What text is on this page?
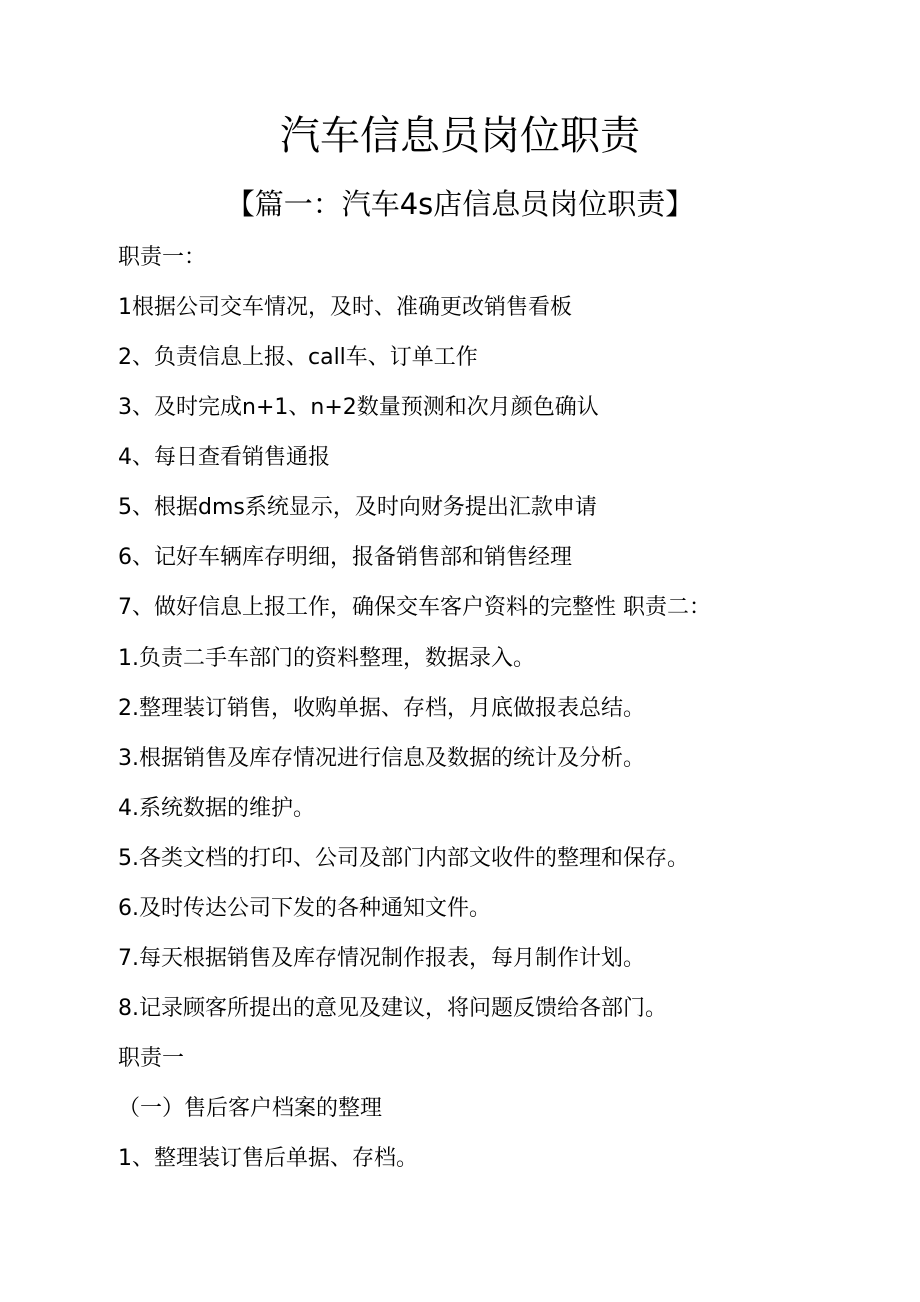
汽车信息员岗位职责
【篇一：汽车4s店信息员岗位职责】

职责一：

1根据公司交车情况，及时、准确更改销售看板

2、负责信息上报、call车、订单工作

3、及时完成n+1、n+2数量预测和次月颜色确认

4、每日查看销售通报

5、根据dms系统显示，及时向财务提出汇款申请

6、记好车辆库存明细，报备销售部和销售经理

7、做好信息上报工作，确保交车客户资料的完整性 职责二：

1.负责二手车部门的资料整理，数据录入。

2.整理装订销售，收购单据、存档，月底做报表总结。

3.根据销售及库存情况进行信息及数据的统计及分析。

4.系统数据的维护。

5.各类文档的打印、公司及部门内部文收件的整理和保存。

6.及时传达公司下发的各种通知文件。

7.每天根据销售及库存情况制作报表，每月制作计划。

8.记录顾客所提出的意见及建议，将问题反馈给各部门。

职责一

（一）售后客户档案的整理

1、整理装订售后单据、存档。
